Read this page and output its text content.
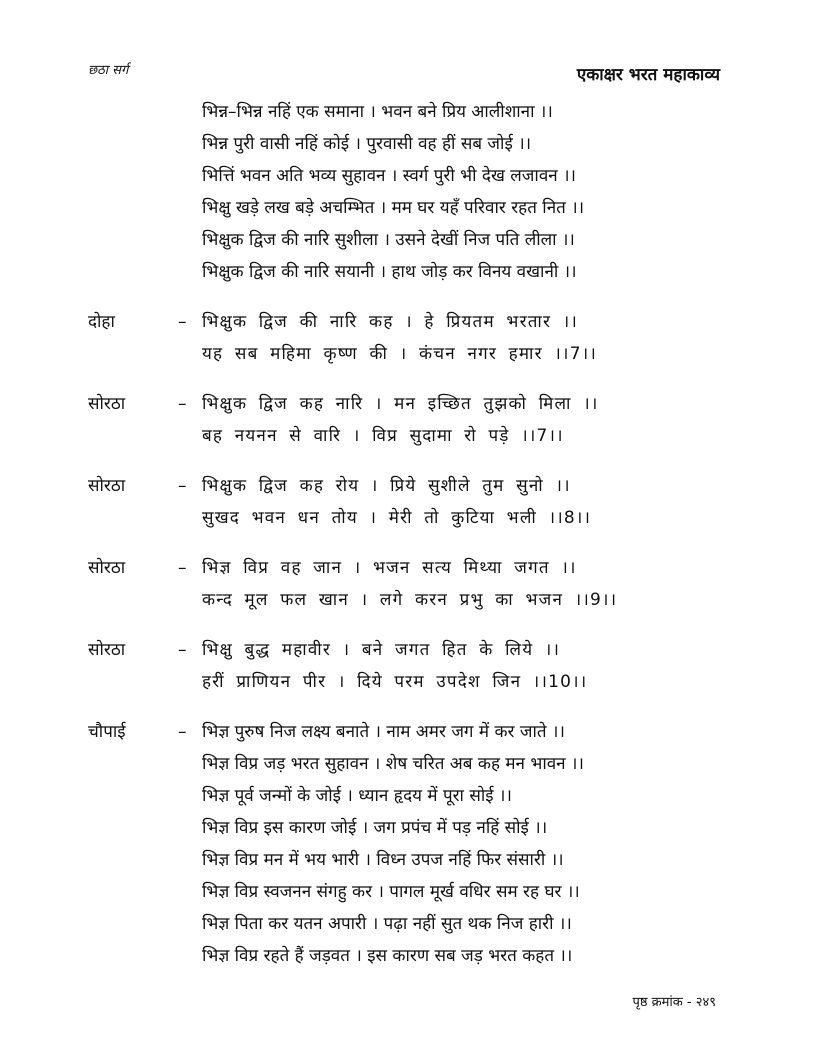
छठा सर्ग	एकाक्षर भरत महाकाव्य
भिन्न–भिन्न नहिं एक समाना । भवन बने प्रिय आलीशाना ।।
भिन्न पुरी वासी नहिं कोई । पुरवासी वह हीं सब जोई ।।
भित्तिं भवन अति भव्य सुहावन । स्वर्ग पुरी भी देख लजावन ।।
भिक्षु खड़े लख बड़े अचम्भित । मम घर यहँ परिवार रहत नित ।।
भिक्षुक द्विज की नारि सुशीला । उसने देखीं निज पति लीला ।।
भिक्षुक द्विज की नारि सयानी । हाथ जोड़ कर विनय वखानी ।।
दोहा	– भिक्षुक द्विज की नारि कह । हे प्रियतम भरतार ।।
यह सब महिमा कृष्ण की । कंचन नगर हमार ।।7।।
सोरठा	– भिक्षुक द्विज कह नारि । मन इच्छित तुझको मिला ।।
बह नयनन से वारि । विप्र सुदामा रो पड़े ।।7।।
सोरठा	– भिक्षुक द्विज कह रोय । प्रिये सुशीले तुम सुनो ।।
सुखद भवन धन तोय । मेरी तो कुटिया भली ।।8।।
सोरठा	– भिज्ञ विप्र वह जान । भजन सत्य मिथ्या जगत ।।
कन्द मूल फल खान । लगे करन प्रभु का भजन ।।9।।
सोरठा	– भिक्षु बुद्ध महावीर । बने जगत हित के लिये ।।
हरीं प्राणियन पीर । दिये परम उपदेश जिन ।।10।।
चौपाई	– भिज्ञ पुरुष निज लक्ष्य बनाते । नाम अमर जग में कर जाते ।।
भिज्ञ विप्र जड़ भरत सुहावन । शेष चरित अब कह मन भावन ।।
भिज्ञ पूर्व जन्मों के जोई । ध्यान हृदय में पूरा सोई ।।
भिज्ञ विप्र इस कारण जोई । जग प्रपंच में पड़ नहिं सोई ।।
भिज्ञ विप्र मन में भय भारी । विध्न उपज नहिं फिर संसारी ।।
भिज्ञ विप्र स्वजनन संगहु कर । पागल मूर्ख वधिर सम रह घर ।।
भिज्ञ पिता कर यतन अपारी । पढ़ा नहीं सुत थक निज हारी ।।
भिज्ञ विप्र रहते हैं जड़वत । इस कारण सब जड़ भरत कहत ।।
पृष्ठ क्रमांक - २४९
